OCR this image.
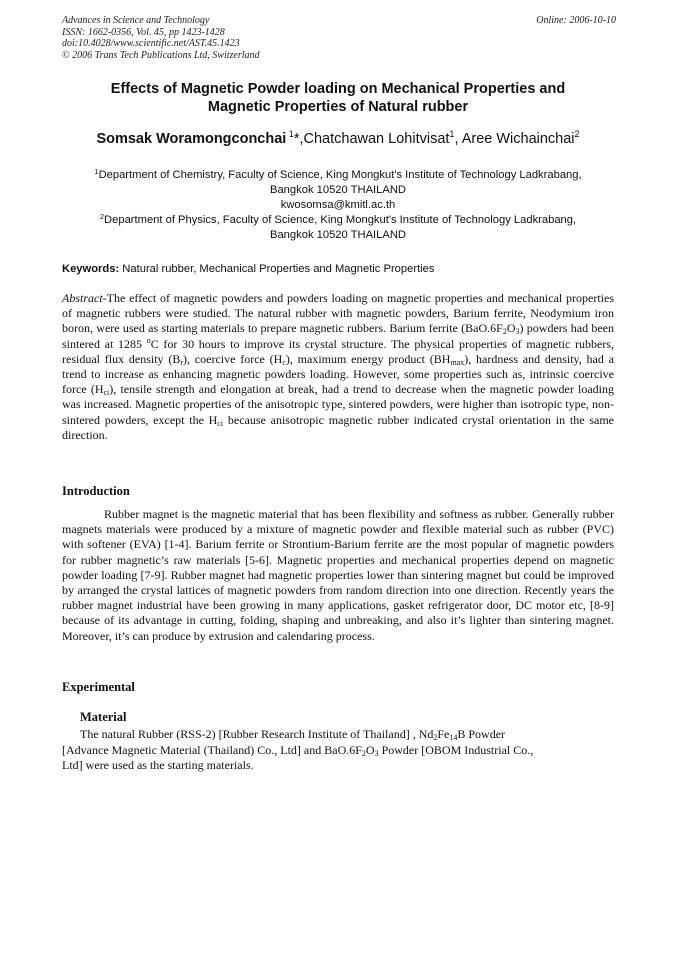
Advances in Science and Technology
ISSN: 1662-0356, Vol. 45, pp 1423-1428
doi:10.4028/www.scientific.net/AST.45.1423
© 2006 Trans Tech Publications Ltd, Switzerland
Online: 2006-10-10
Effects of Magnetic Powder loading on Mechanical Properties and
Magnetic Properties of Natural rubber
Somsak Woramongconchai $^1$*,Chatchawan Lohitvisat$^1$, Aree Wichainchai$^2$
$^1$Department of Chemistry, Faculty of Science, King Mongkut's Institute of Technology Ladkrabang,
Bangkok 10520 THAILAND
kwosomsa@kmitl.ac.th
$^2$Department of Physics, Faculty of Science, King Mongkut's Institute of Technology Ladkrabang,
Bangkok 10520 THAILAND
Keywords: Natural rubber, Mechanical Properties and Magnetic Properties
Abstract-The effect of magnetic powders and powders loading on magnetic properties and mechanical properties of magnetic rubbers were studied. The natural rubber with magnetic powders, Barium ferrite, Neodymium iron boron, were used as starting materials to prepare magnetic rubbers. Barium ferrite $(BaO.6F_2O_3)$ powders had been sintered at 1285 $^o$C for 30 hours to improve its crystal structure. The physical properties of magnetic rubbers, residual flux density $(B_r)$, coercive force $(H_c)$, maximum energy product $(BH_{max})$, hardness and density, had a trend to increase as enhancing magnetic powders loading. However, some properties such as, intrinsic coercive force $(H_{ci})$, tensile strength and elongation at break, had a trend to decrease when the magnetic powder loading was increased. Magnetic properties of the anisotropic type, sintered powders, were higher than isotropic type, non-sintered powders, except the $H_{ci}$ because anisotropic magnetic rubber indicated crystal orientation in the same direction.
Introduction
Rubber magnet is the magnetic material that has been flexibility and softness as rubber. Generally rubber magnets materials were produced by a mixture of magnetic powder and flexible material such as rubber (PVC) with softener (EVA) [1-4]. Barium ferrite or Strontium-Barium ferrite are the most popular of magnetic powders for rubber magnetic’s raw materials [5-6]. Magnetic properties and mechanical properties depend on magnetic powder loading [7-9]. Rubber magnet had magnetic properties lower than sintering magnet but could be improved by arranged the crystal lattices of magnetic powders from random direction into one direction. Recently years the rubber magnet industrial have been growing in many applications, gasket refrigerator door, DC motor etc, [8-9] because of its advantage in cutting, folding, shaping and unbreaking, and also it’s lighter than sintering magnet. Moreover, it’s can produce by extrusion and calendaring process.
Experimental
Material
The natural Rubber (RSS-2) [Rubber Research Institute of Thailand] , $Nd_2Fe_{14}B$ Powder
[Advance Magnetic Material (Thailand) Co., Ltd] and $BaO.6F_2O_3$ Powder [OBOM Industrial Co.,
Ltd] were used as the starting materials.
